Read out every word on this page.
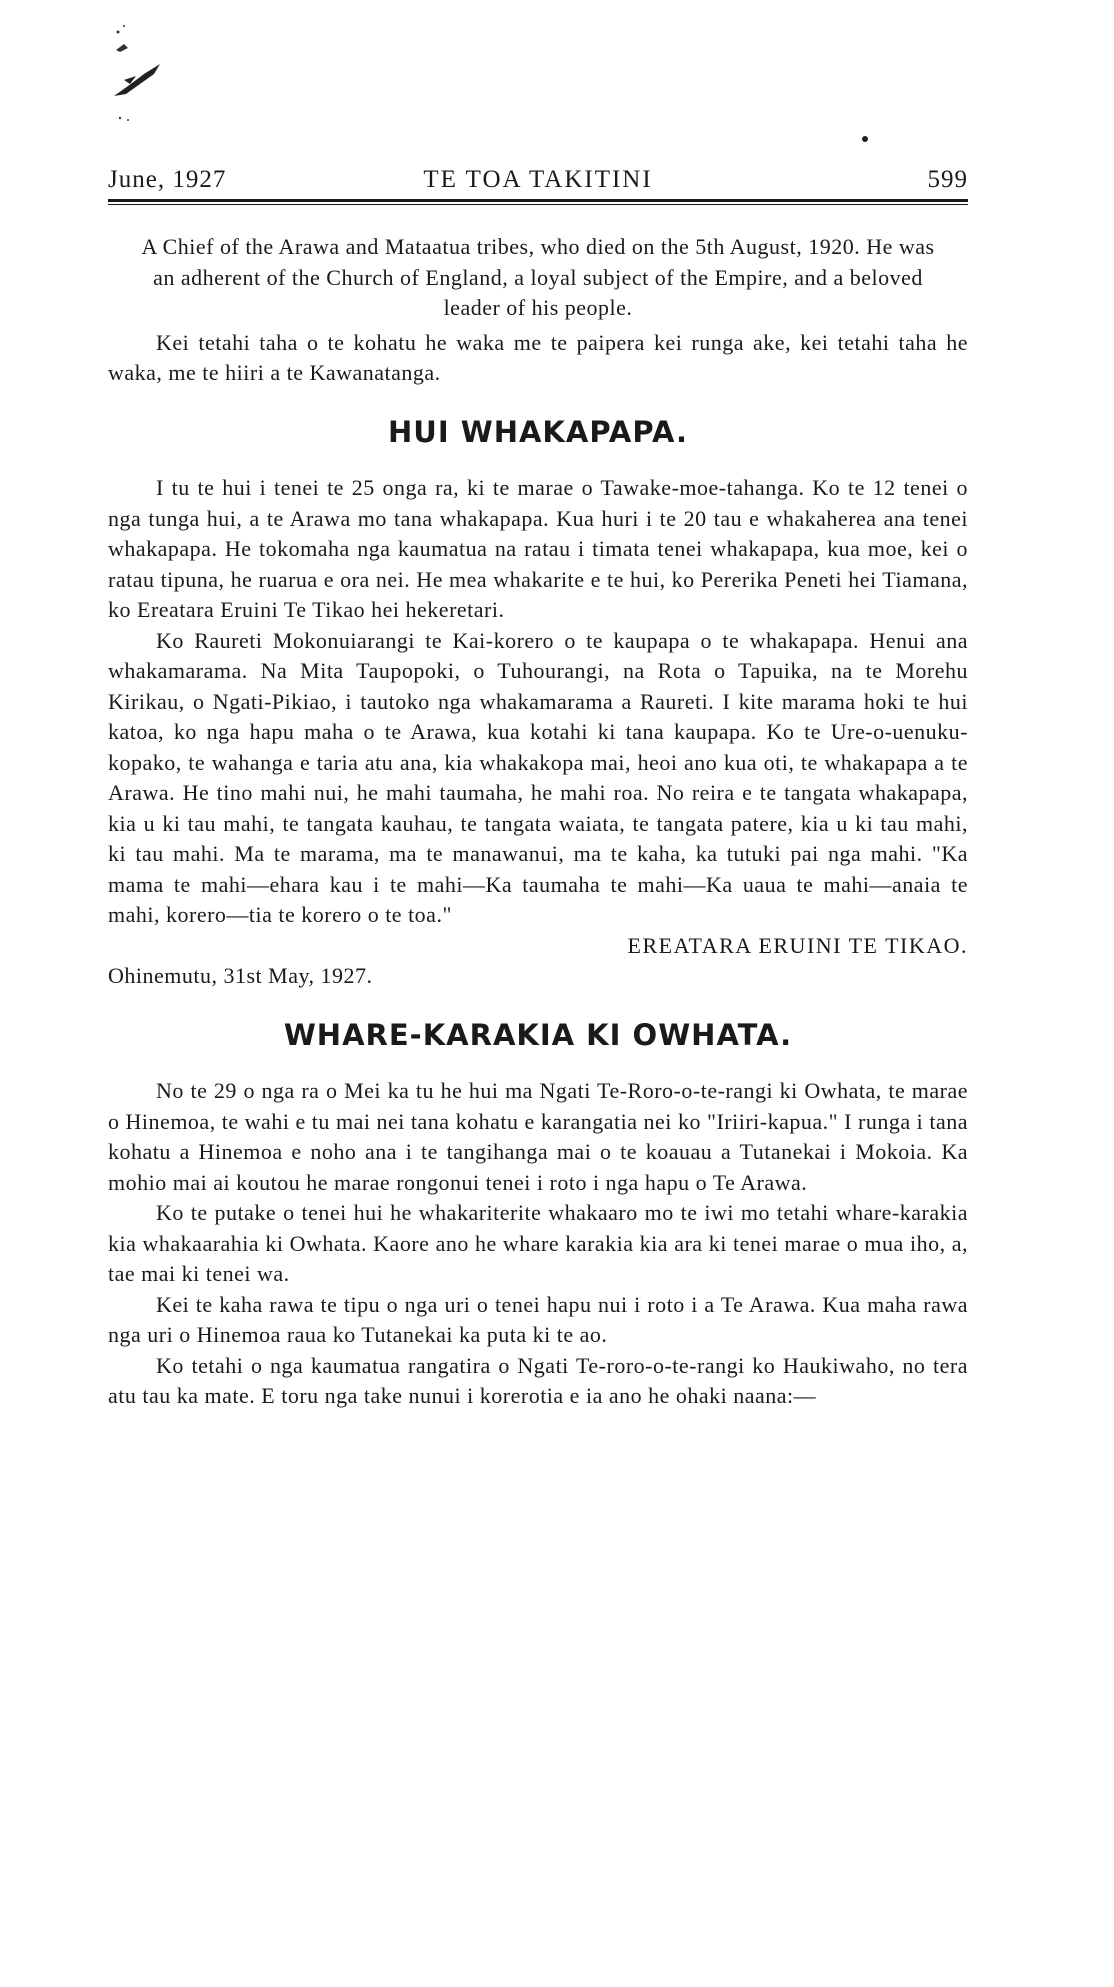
June, 1927	TE TOA TAKITINI	599

A Chief of the Arawa and Mataatua tribes, who died on the 5th August, 1920. He was an adherent of the Church of England, a loyal subject of the Empire, and a beloved leader of his people.

Kei tetahi taha o te kohatu he waka me te paipera kei runga ake, kei tetahi taha he waka, me te hiiri a te Kawanatanga.

HUI WHAKAPAPA.

I tu te hui i tenei te 25 onga ra, ki te marae o Tawake-moe-tahanga. Ko te 12 tenei o nga tunga hui, a te Arawa mo tana whakapapa. Kua huri i te 20 tau e whakaherea ana tenei whakapapa. He tokomaha nga kaumatua na ratau i timata tenei whakapapa, kua moe, kei o ratau tipuna, he ruarua e ora nei. He mea whakarite e te hui, ko Pererika Peneti hei Tiamana, ko Ereatara Eruini Te Tikao hei hekeretari.

Ko Raureti Mokonuiarangi te Kai-korero o te kaupapa o te whakapapa. Henui ana whakamarama. Na Mita Taupopoki, o Tuhourangi, na Rota o Tapuika, na te Morehu Kirikau, o Ngati-Pikiao, i tautoko nga whakamarama a Raureti. I kite marama hoki te hui katoa, ko nga hapu maha o te Arawa, kua kotahi ki tana kaupapa. Ko te Ure-o-uenuku-kopako, te wahanga e taria atu ana, kia whakakopa mai, heoi ano kua oti, te whakapapa a te Arawa. He tino mahi nui, he mahi taumaha, he mahi roa. No reira e te tangata whakapapa, kia u ki tau mahi, te tangata kauhau, te tangata waiata, te tangata patere, kia u ki tau mahi, ki tau mahi. Ma te marama, ma te manawanui, ma te kaha, ka tutuki pai nga mahi. "Ka mama te mahi—ehara kau i te mahi—Ka taumaha te mahi—Ka uaua te mahi—anaia te mahi, korero—tia te korero o te toa."

EREATARA ERUINI TE TIKAO.

Ohinemutu, 31st May, 1927.

WHARE-KARAKIA KI OWHATA.

No te 29 o nga ra o Mei ka tu he hui ma Ngati Te-Roro-o-te-rangi ki Owhata, te marae o Hinemoa, te wahi e tu mai nei tana kohatu e karangatia nei ko "Iriiri-kapua." I runga i tana kohatu a Hinemoa e noho ana i te tangihanga mai o te koauau a Tutanekai i Mokoia. Ka mohio mai ai koutou he marae rongonui tenei i roto i nga hapu o Te Arawa.

Ko te putake o tenei hui he whakariterite whakaaro mo te iwi mo tetahi whare-karakia kia whakaarahia ki Owhata. Kaore ano he whare karakia kia ara ki tenei marae o mua iho, a, tae mai ki tenei wa.

Kei te kaha rawa te tipu o nga uri o tenei hapu nui i roto i a Te Arawa. Kua maha rawa nga uri o Hinemoa raua ko Tutanekai ka puta ki te ao.

Ko tetahi o nga kaumatua rangatira o Ngati Te-roro-o-te-rangi ko Haukiwaho, no tera atu tau ka mate. E toru nga take nunui i korerotia e ia ano he ohaki naana:—
